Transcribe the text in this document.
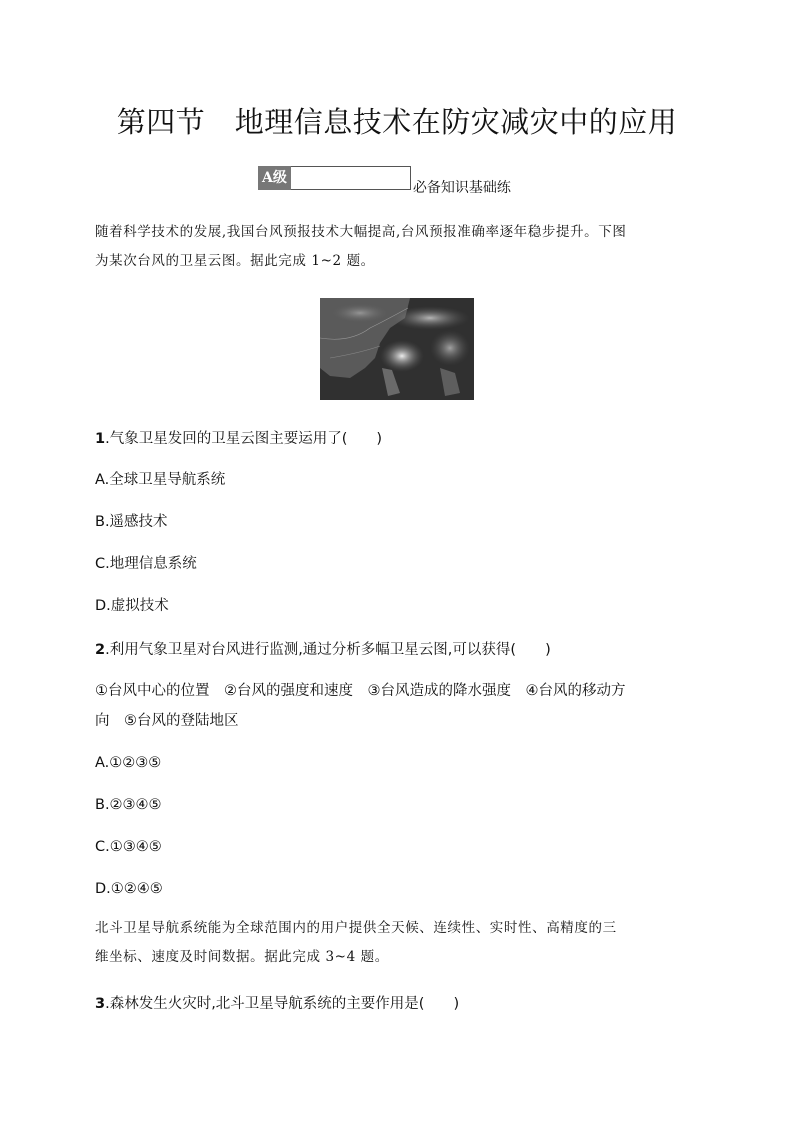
第四节　地理信息技术在防灾减灾中的应用
A级
必备知识基础练
随着科学技术的发展,我国台风预报技术大幅提高,台风预报准确率逐年稳步提升。下图
为某次台风的卫星云图。据此完成 1~2 题。
1.气象卫星发回的卫星云图主要运用了(　　)
A.全球卫星导航系统
B.遥感技术
C.地理信息系统
D.虚拟技术
2.利用气象卫星对台风进行监测,通过分析多幅卫星云图,可以获得(　　)
①台风中心的位置　②台风的强度和速度　③台风造成的降水强度　④台风的移动方
向　⑤台风的登陆地区
A.①②③⑤
B.②③④⑤
C.①③④⑤
D.①②④⑤
北斗卫星导航系统能为全球范围内的用户提供全天候、连续性、实时性、高精度的三
维坐标、速度及时间数据。据此完成 3~4 题。
3.森林发生火灾时,北斗卫星导航系统的主要作用是(　　)
